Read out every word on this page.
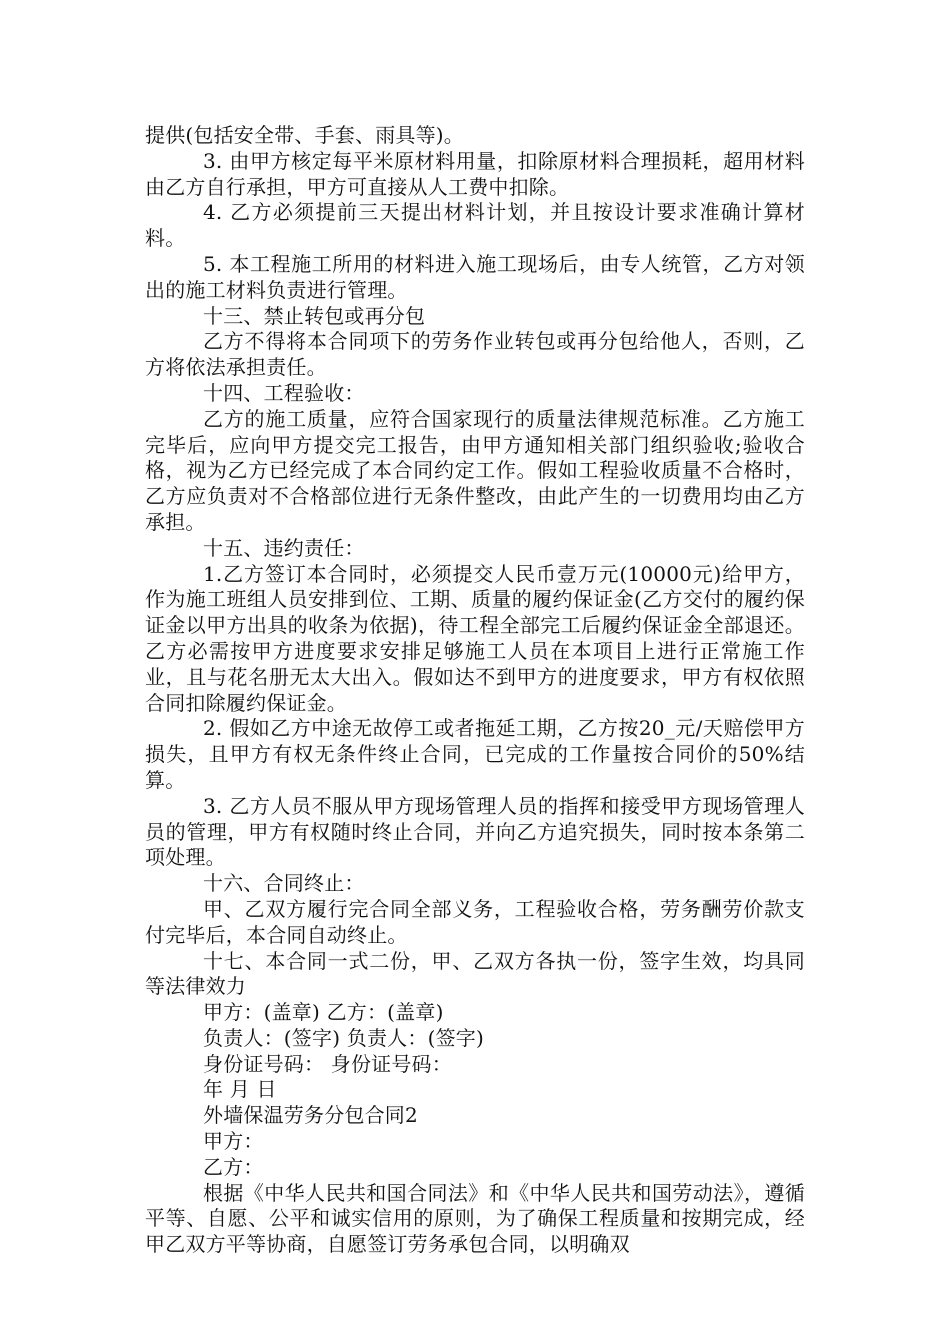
提供(包括安全带、手套、雨具等)。

3. 由甲方核定每平米原材料用量，扣除原材料合理损耗，超用材料由乙方自行承担，甲方可直接从人工费中扣除。

4. 乙方必须提前三天提出材料计划，并且按设计要求准确计算材料。

5. 本工程施工所用的材料进入施工现场后，由专人统管，乙方对领出的施工材料负责进行管理。

十三、禁止转包或再分包

乙方不得将本合同项下的劳务作业转包或再分包给他人，否则，乙方将依法承担责任。

十四、工程验收：

乙方的施工质量，应符合国家现行的质量法律规范标准。乙方施工完毕后，应向甲方提交完工报告，由甲方通知相关部门组织验收;验收合格，视为乙方已经完成了本合同约定工作。假如工程验收质量不合格时，乙方应负责对不合格部位进行无条件整改，由此产生的一切费用均由乙方承担。

十五、违约责任：

1.乙方签订本合同时，必须提交人民币壹万元(10000元)给甲方，作为施工班组人员安排到位、工期、质量的履约保证金(乙方交付的履约保证金以甲方出具的收条为依据)，待工程全部完工后履约保证金全部退还。乙方必需按甲方进度要求安排足够施工人员在本项目上进行正常施工作业，且与花名册无太大出入。假如达不到甲方的进度要求，甲方有权依照合同扣除履约保证金。

2. 假如乙方中途无故停工或者拖延工期，乙方按20_元/天赔偿甲方损失，且甲方有权无条件终止合同，已完成的工作量按合同价的50%结算。

3. 乙方人员不服从甲方现场管理人员的指挥和接受甲方现场管理人员的管理，甲方有权随时终止合同，并向乙方追究损失，同时按本条第二项处理。

十六、合同终止：

甲、乙双方履行完合同全部义务，工程验收合格，劳务酬劳价款支付完毕后，本合同自动终止。

十七、本合同一式二份，甲、乙双方各执一份，签字生效，均具同等法律效力

甲方：(盖章) 乙方：(盖章)
负责人：(签字) 负责人：(签字)
身份证号码： 身份证号码：
年 月 日
外墙保温劳务分包合同2
甲方：
乙方：

根据《中华人民共和国合同法》和《中华人民共和国劳动法》，遵循平等、自愿、公平和诚实信用的原则，为了确保工程质量和按期完成，经甲乙双方平等协商，自愿签订劳务承包合同，以明确双
